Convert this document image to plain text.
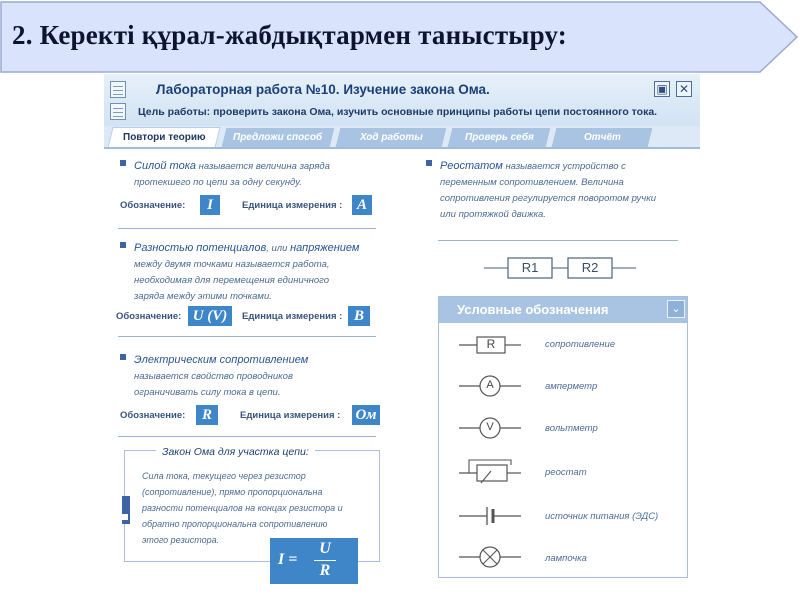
2. Керекті құрал-жабдықтармен таныстыру:
Лабораторная работа №10. Изучение закона Ома.
Цель работы: проверить закона Ома, изучить основные принципы работы цепи постоянного тока.
▣ ✕
Повтори теорию	Предложи способ	Ход работы	Проверь себя	Отчёт
Силой тока называется величина заряда
протекшего по цепи за одну секунду.
Обозначение:	I	Единица измерения : A
Разностью потенциалов, или напряжением
между двумя точками называется работа,
необходимая для перемещения единичного
заряда между этими точками.
Обозначение: U (V)	Единица измерения : B
Электрическим сопротивлением
называется свойство проводников
ограничивать силу тока в цепи.
Обозначение:	R	Единица измерения : Ом
Закон Ома для участка цепи:
Сила тока, текущего через резистор
(сопротивление), прямо пропорциональна
разности потенциалов на концах резистора и
обратно пропорциональна сопротивлению
этого резистора.
I =
U
R
Реостатом называется устройство с
переменным сопротивлением. Величина
сопротивления регулируется поворотом ручки
или протяжкой движка.
R1	R2
Условные обозначения	⌄
R	сопротивление
A	амперметр
V	вольтметр
реостат
источник питания (ЭДС)
лампочка
